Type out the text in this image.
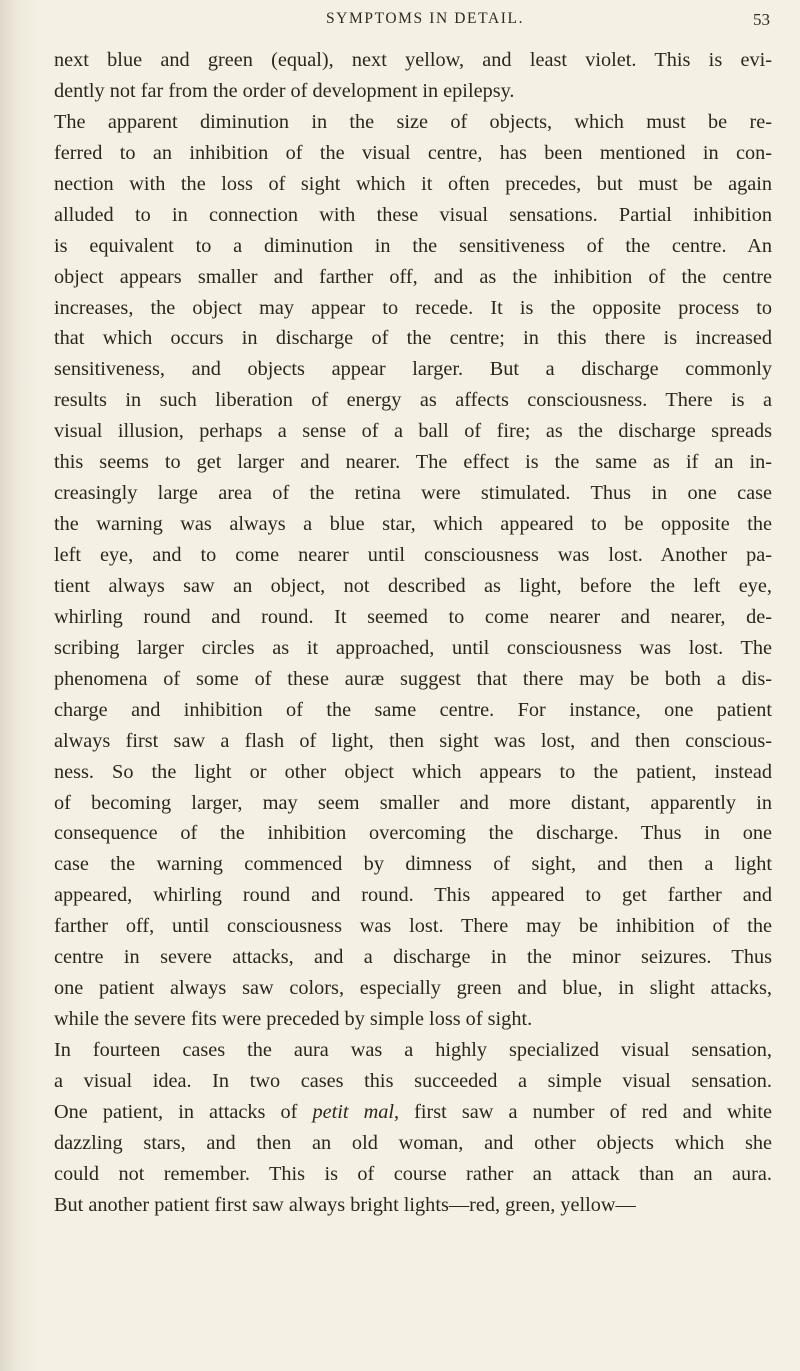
SYMPTOMS IN DETAIL.	53
next blue and green (equal), next yellow, and least violet. This is evi-
dently not far from the order of development in epilepsy.
The apparent diminution in the size of objects, which must be re-
ferred to an inhibition of the visual centre, has been mentioned in con-
nection with the loss of sight which it often precedes, but must be again
alluded to in connection with these visual sensations. Partial inhibition
is equivalent to a diminution in the sensitiveness of the centre. An
object appears smaller and farther off, and as the inhibition of the centre
increases, the object may appear to recede. It is the opposite process to
that which occurs in discharge of the centre; in this there is increased
sensitiveness, and objects appear larger. But a discharge commonly
results in such liberation of energy as affects consciousness. There is a
visual illusion, perhaps a sense of a ball of fire; as the discharge spreads
this seems to get larger and nearer. The effect is the same as if an in-
creasingly large area of the retina were stimulated. Thus in one case
the warning was always a blue star, which appeared to be opposite the
left eye, and to come nearer until consciousness was lost. Another pa-
tient always saw an object, not described as light, before the left eye,
whirling round and round. It seemed to come nearer and nearer, de-
scribing larger circles as it approached, until consciousness was lost. The
phenomena of some of these auræ suggest that there may be both a dis-
charge and inhibition of the same centre. For instance, one patient
always first saw a flash of light, then sight was lost, and then conscious-
ness. So the light or other object which appears to the patient, instead
of becoming larger, may seem smaller and more distant, apparently in
consequence of the inhibition overcoming the discharge. Thus in one
case the warning commenced by dimness of sight, and then a light
appeared, whirling round and round. This appeared to get farther and
farther off, until consciousness was lost. There may be inhibition of the
centre in severe attacks, and a discharge in the minor seizures. Thus
one patient always saw colors, especially green and blue, in slight attacks,
while the severe fits were preceded by simple loss of sight.
In fourteen cases the aura was a highly specialized visual sensation,
a visual idea. In two cases this succeeded a simple visual sensation.
One patient, in attacks of petit mal, first saw a number of red and white
dazzling stars, and then an old woman, and other objects which she
could not remember. This is of course rather an attack than an aura.
But another patient first saw always bright lights—red, green, yellow—
